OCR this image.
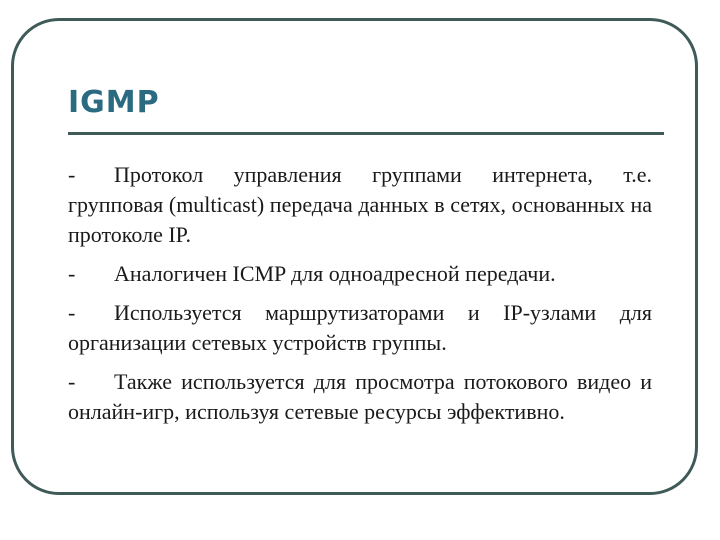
IGMP

- Протокол управления группами интернета, т.е. групповая (multicast) передача данных в сетях, основанных на протоколе IP.

- Аналогичен ICMP для одноадресной передачи.

- Используется маршрутизаторами и IP-узлами для организации сетевых устройств группы.

- Также используется для просмотра потокового видео и онлайн-игр, используя сетевые ресурсы эффективно.
